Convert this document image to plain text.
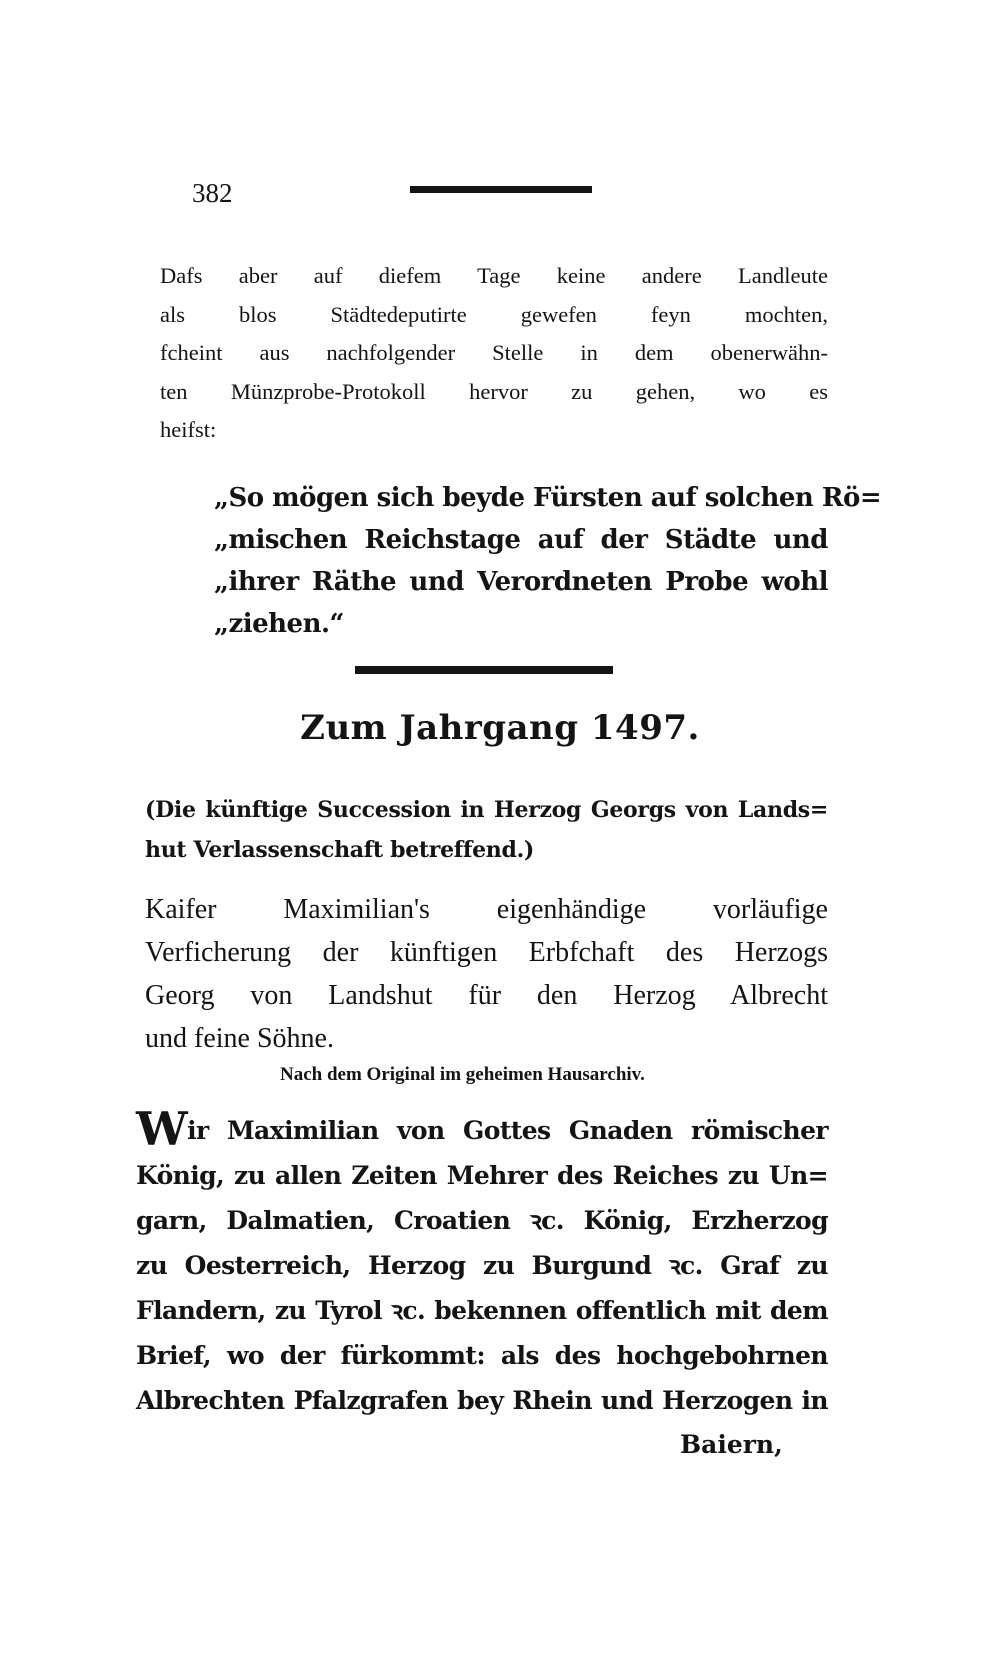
382
Dafs aber auf diefem Tage keine andere Landleute
als blos Städtedeputirte gewefen feyn mochten,
fcheint aus nachfolgender Stelle in dem obenerwähn-
ten Münzprobe-Protokoll hervor zu gehen, wo es
heifst:
„So mögen sich beyde Fürsten auf solchen Rö=
„mischen Reichstage auf der Städte und
„ihrer Räthe und Verordneten Probe wohl
„ziehen.“
Zum Jahrgang 1497.
(Die künftige Succession in Herzog Georgs von Lands=
hut Verlassenschaft betreffend.)
Kaifer Maximilian's eigenhändige vorläufige
Verficherung der künftigen Erbfchaft des Herzogs
Georg von Landshut für den Herzog Albrecht
und feine Söhne.
Nach dem Original im geheimen Hausarchiv.
Wir Maximilian von Gottes Gnaden römischer
König, zu allen Zeiten Mehrer des Reiches zu Un=
garn, Dalmatien, Croatien ꝛc. König, Erzherzog
zu Oesterreich, Herzog zu Burgund ꝛc. Graf zu
Flandern, zu Tyrol ꝛc. bekennen offentlich mit dem
Brief, wo der fürkommt: als des hochgebohrnen
Albrechten Pfalzgrafen bey Rhein und Herzogen in
Baiern,
